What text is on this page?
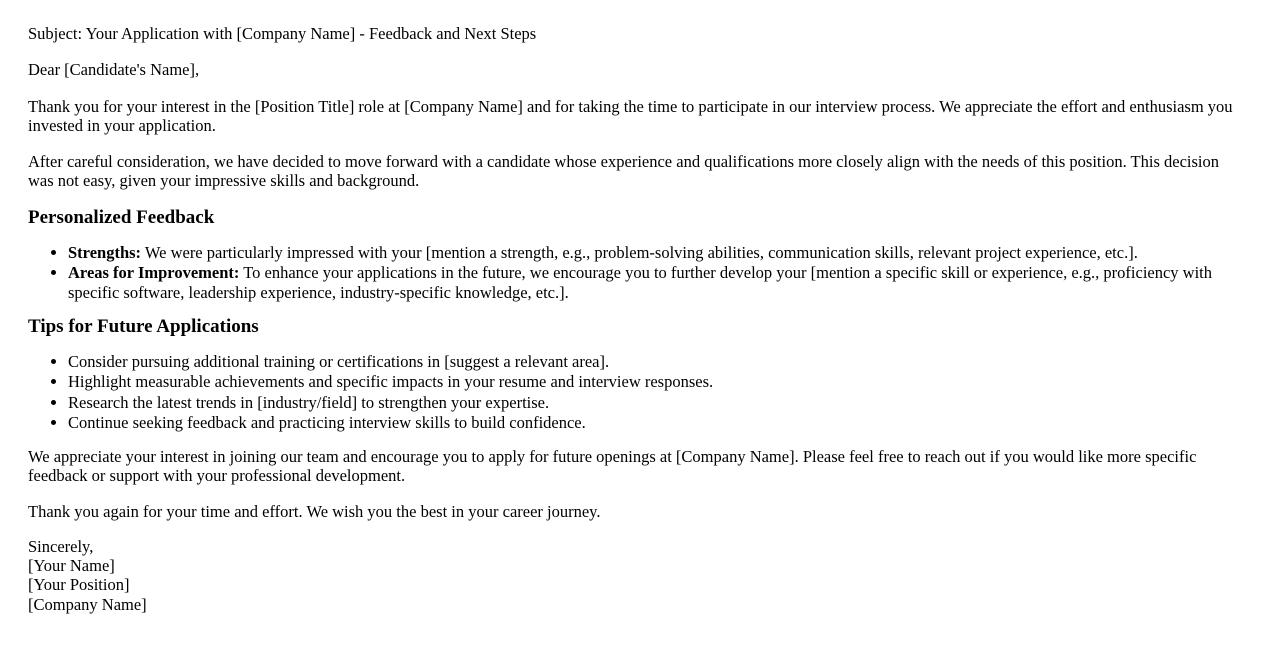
Subject: Your Application with [Company Name] - Feedback and Next Steps

Dear [Candidate's Name],

Thank you for your interest in the [Position Title] role at [Company Name] and for taking the time to participate in our interview process. We appreciate the effort and enthusiasm you invested in your application.

After careful consideration, we have decided to move forward with a candidate whose experience and qualifications more closely align with the needs of this position. This decision was not easy, given your impressive skills and background.

Personalized Feedback
• Strengths: We were particularly impressed with your [mention a strength, e.g., problem-solving abilities, communication skills, relevant project experience, etc.].
• Areas for Improvement: To enhance your applications in the future, we encourage you to further develop your [mention a specific skill or experience, e.g., proficiency with specific software, leadership experience, industry-specific knowledge, etc.].
Tips for Future Applications
• Consider pursuing additional training or certifications in [suggest a relevant area].
• Highlight measurable achievements and specific impacts in your resume and interview responses.
• Research the latest trends in [industry/field] to strengthen your expertise.
• Continue seeking feedback and practicing interview skills to build confidence.

We appreciate your interest in joining our team and encourage you to apply for future openings at [Company Name]. Please feel free to reach out if you would like more specific feedback or support with your professional development.

Thank you again for your time and effort. We wish you the best in your career journey.

Sincerely,
[Your Name]
[Your Position]
[Company Name]
